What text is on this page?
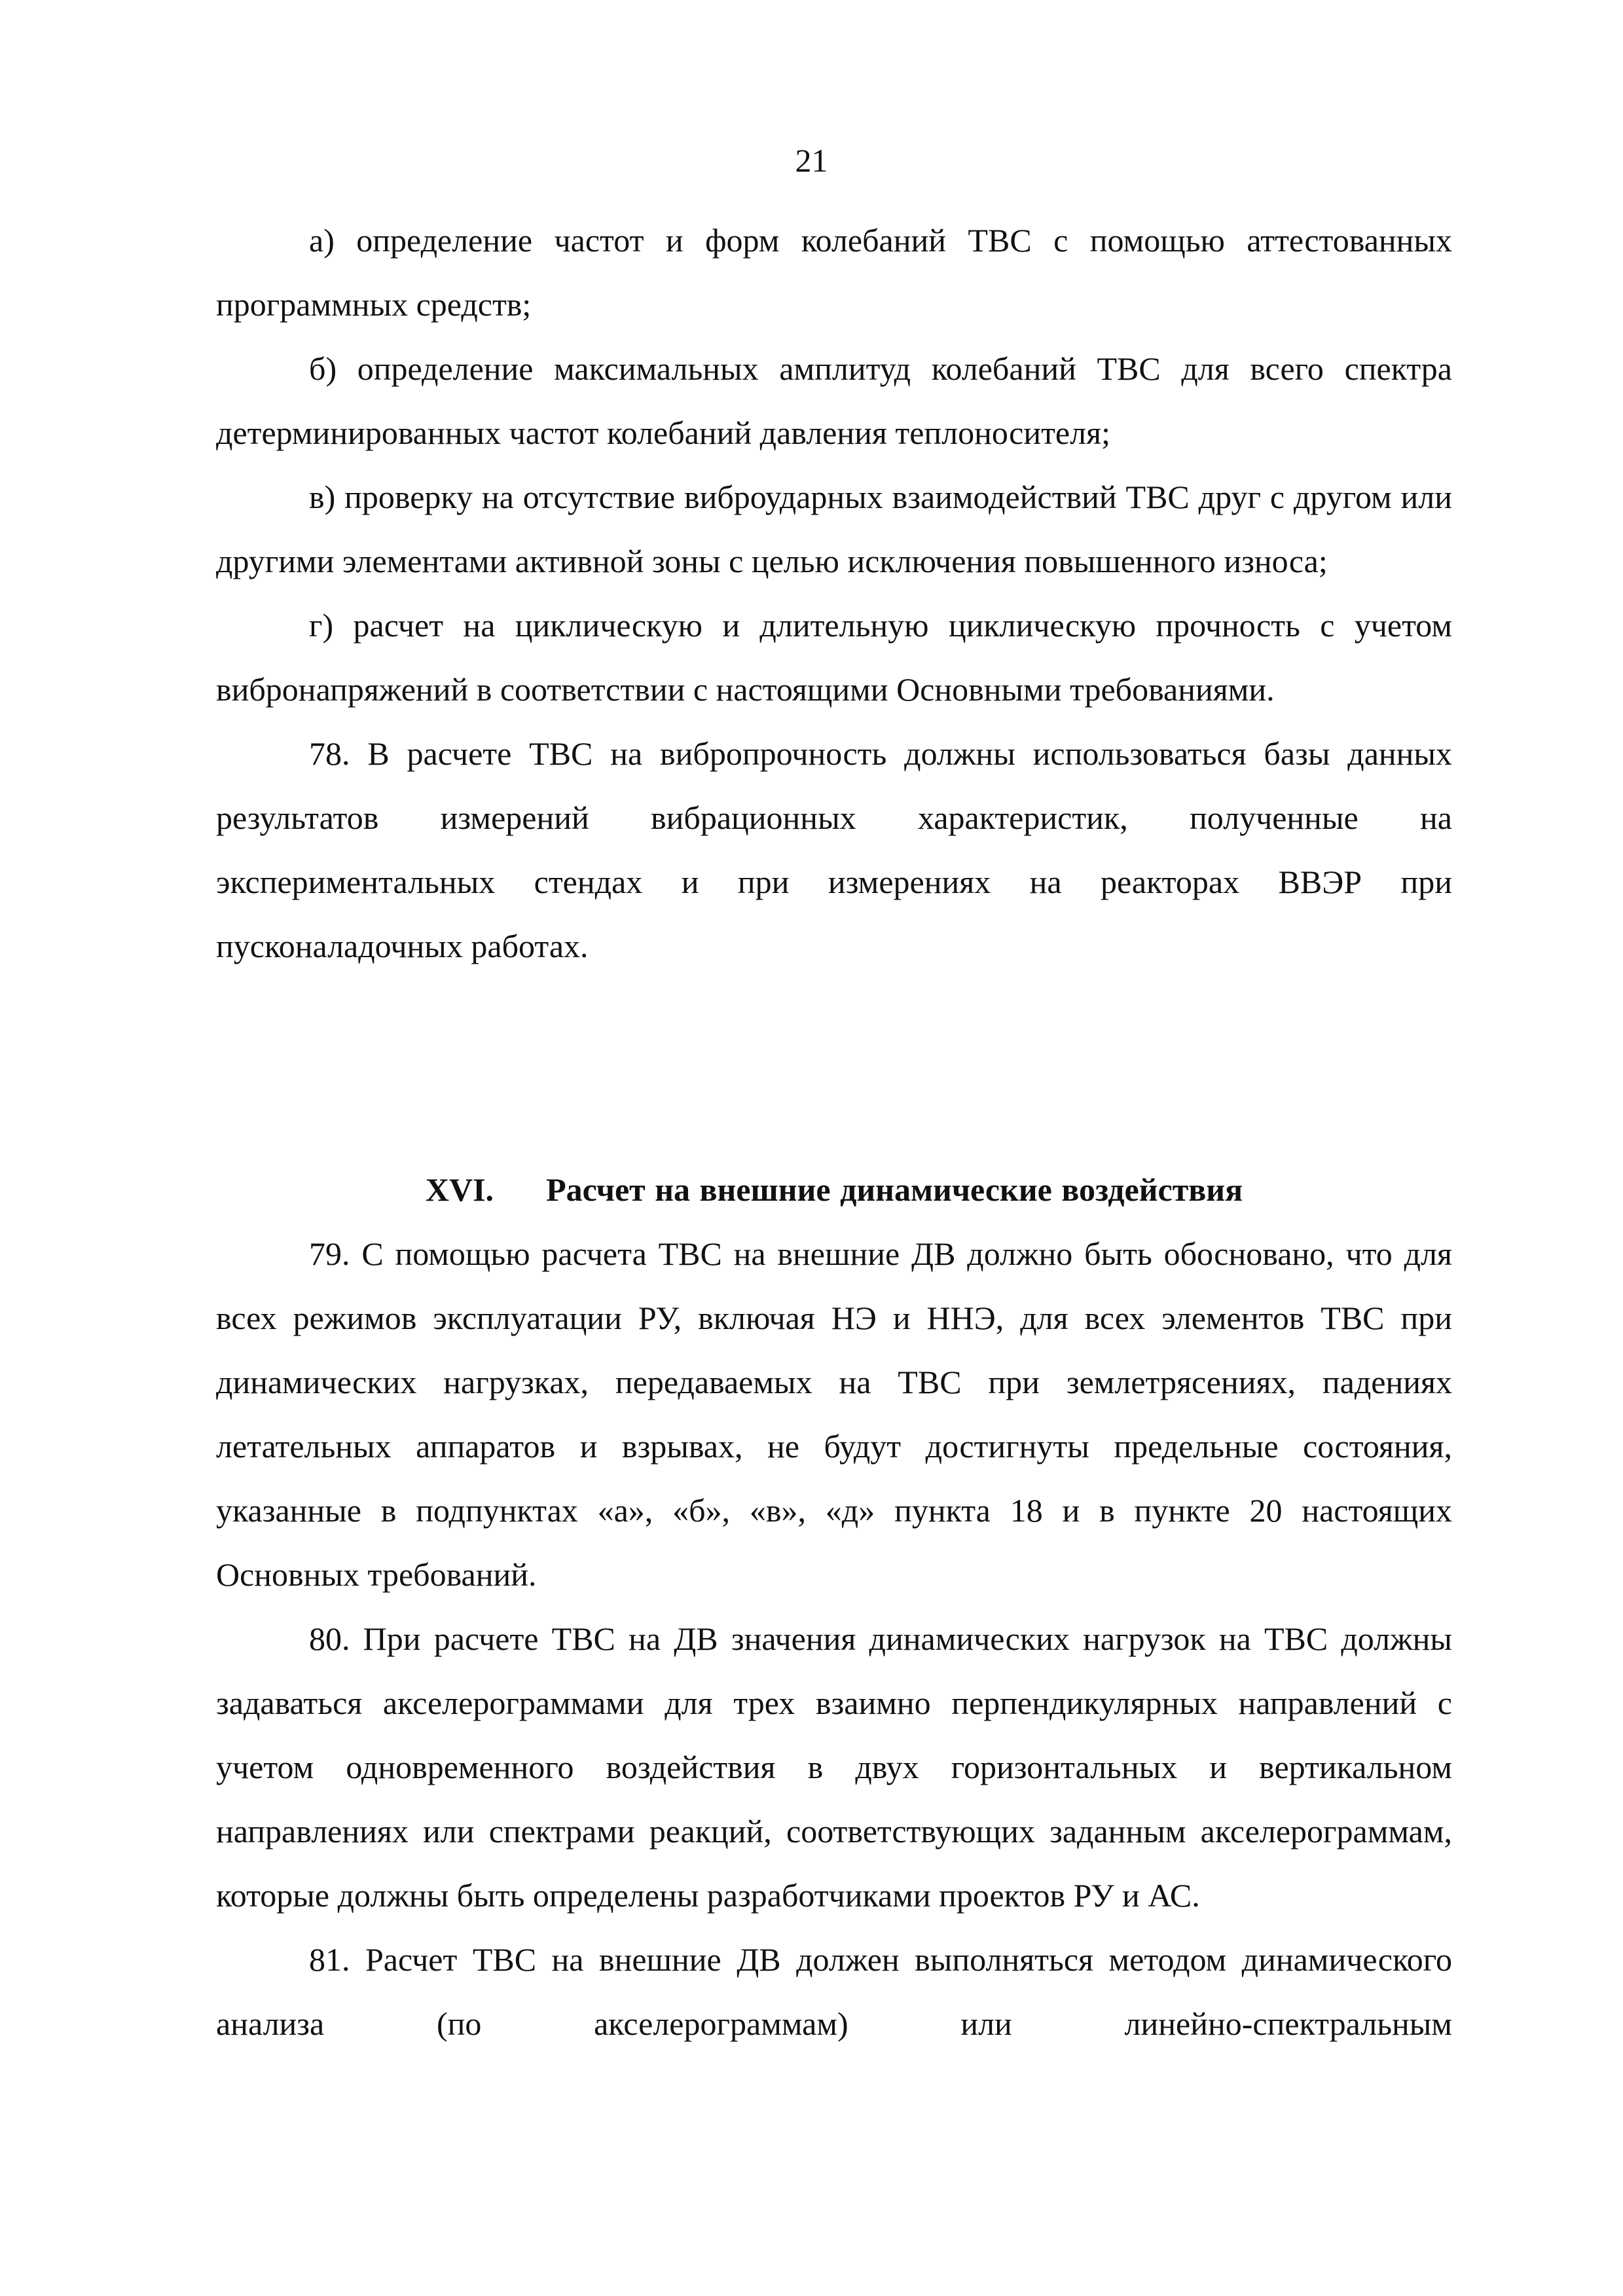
21

а) определение частот и форм колебаний ТВС с помощью аттестованных программных средств;

б) определение максимальных амплитуд колебаний ТВС для всего спектра детерминированных частот колебаний давления теплоносителя;

в) проверку на отсутствие виброударных взаимодействий ТВС друг с другом или другими элементами активной зоны с целью исключения повышенного износа;

г) расчет на циклическую и длительную циклическую прочность с учетом вибронапряжений в соответствии с настоящими Основными требованиями.

78. В расчете ТВС на вибропрочность должны использоваться базы данных результатов измерений вибрационных характеристик, полученные на экспериментальных стендах и при измерениях на реакторах ВВЭР при пусконаладочных работах.

XVI. Расчет на внешние динамические воздействия

79. С помощью расчета ТВС на внешние ДВ должно быть обосновано, что для всех режимов эксплуатации РУ, включая НЭ и ННЭ, для всех элементов ТВС при динамических нагрузках, передаваемых на ТВС при землетрясениях, падениях летательных аппаратов и взрывах, не будут достигнуты предельные состояния, указанные в подпунктах «а», «б», «в», «д» пункта 18 и в пункте 20 настоящих Основных требований.

80. При расчете ТВС на ДВ значения динамических нагрузок на ТВС должны задаваться акселерограммами для трех взаимно перпендикулярных направлений с учетом одновременного воздействия в двух горизонтальных и вертикальном направлениях или спектрами реакций, соответствующих заданным акселерограммам, которые должны быть определены разработчиками проектов РУ и АС.

81. Расчет ТВС на внешние ДВ должен выполняться методом динамического анализа (по акселерограммам) или линейно-спектральным
